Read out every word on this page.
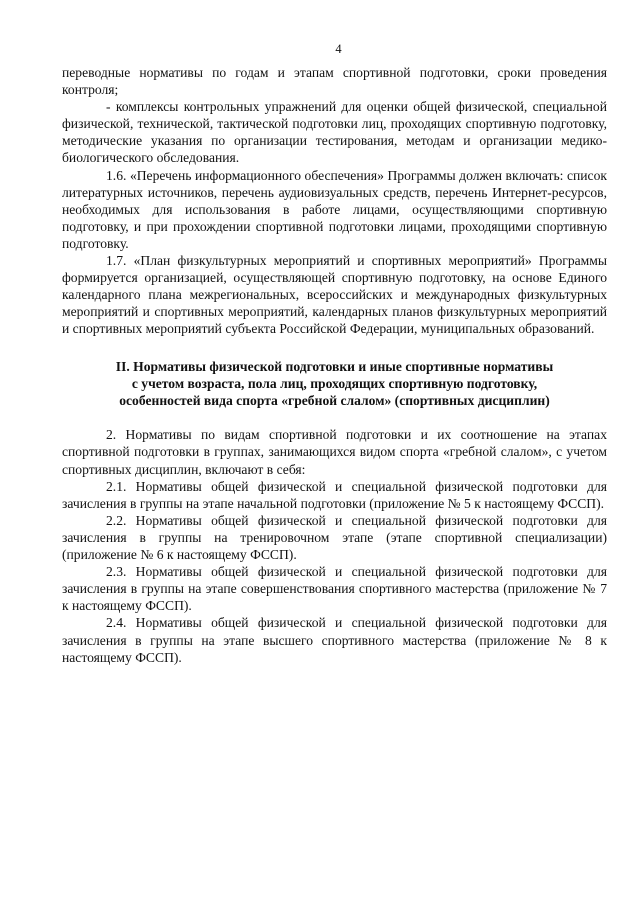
4

переводные нормативы по годам и этапам спортивной подготовки, сроки проведения контроля;

- комплексы контрольных упражнений для оценки общей физической, специальной физической, технической, тактической подготовки лиц, проходящих спортивную подготовку, методические указания по организации тестирования, методам и организации медико-биологического обследования.

1.6. «Перечень информационного обеспечения» Программы должен включать: список литературных источников, перечень аудиовизуальных средств, перечень Интернет-ресурсов, необходимых для использования в работе лицами, осуществляющими спортивную подготовку, и при прохождении спортивной подготовки лицами, проходящими спортивную подготовку.

1.7. «План физкультурных мероприятий и спортивных мероприятий» Программы формируется организацией, осуществляющей спортивную подготовку, на основе Единого календарного плана межрегиональных, всероссийских и международных физкультурных мероприятий и спортивных мероприятий, календарных планов физкультурных мероприятий и спортивных мероприятий субъекта Российской Федерации, муниципальных образований.

II. Нормативы физической подготовки и иные спортивные нормативы
с учетом возраста, пола лиц, проходящих спортивную подготовку,
особенностей вида спорта «гребной слалом» (спортивных дисциплин)

2. Нормативы по видам спортивной подготовки и их соотношение на этапах спортивной подготовки в группах, занимающихся видом спорта «гребной слалом», с учетом спортивных дисциплин, включают в себя:

2.1. Нормативы общей физической и специальной физической подготовки для зачисления в группы на этапе начальной подготовки (приложение № 5 к настоящему ФССП).

2.2. Нормативы общей физической и специальной физической подготовки для зачисления в группы на тренировочном этапе (этапе спортивной специализации) (приложение № 6 к настоящему ФССП).

2.3. Нормативы общей физической и специальной физической подготовки для зачисления в группы на этапе совершенствования спортивного мастерства (приложение № 7 к настоящему ФССП).

2.4. Нормативы общей физической и специальной физической подготовки для зачисления в группы на этапе высшего спортивного мастерства (приложение № 8 к настоящему ФССП).
